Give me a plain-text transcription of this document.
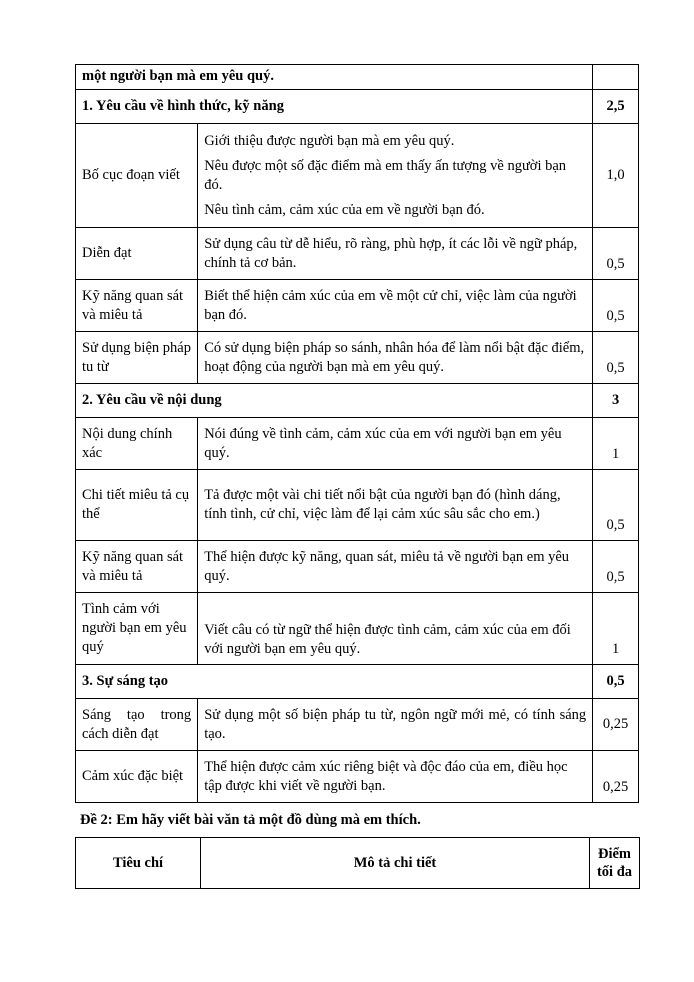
một người bạn mà em yêu quý.		
1. Yêu cầu về hình thức, kỹ năng		2,5
Bố cục đoạn viết	Giới thiệu được người bạn mà em yêu quý.

Nêu được một số đặc điểm mà em thấy ấn tượng về người bạn đó.

Nêu tình cảm, cảm xúc của em về người bạn đó.	1,0
Diễn đạt	Sử dụng câu từ dễ hiểu, rõ ràng, phù hợp, ít các lỗi về ngữ pháp, chính tả cơ bản.	0,5
Kỹ năng quan sát và miêu tả	Biết thể hiện cảm xúc của em về một cử chỉ, việc làm của người bạn đó.	0,5
Sử dụng biện pháp tu từ	Có sử dụng biện pháp so sánh, nhân hóa để làm nổi bật đặc điểm, hoạt động của người bạn mà em yêu quý.	0,5
2. Yêu cầu về nội dung		3
Nội dung chính xác	Nói đúng về tình cảm, cảm xúc của em với người bạn em yêu quý.	1
Chi tiết miêu tả cụ thể	Tả được một vài chi tiết nổi bật của người bạn đó (hình dáng, tính tình, cử chỉ, việc làm để lại cảm xúc sâu sắc cho em.)	0,5
Kỹ năng quan sát và miêu tả	Thể hiện được kỹ năng, quan sát, miêu tả về người bạn em yêu quý.	0,5
Tình cảm với người bạn em yêu quý	Viết câu có từ ngữ thể hiện được tình cảm, cảm xúc của em đối với người bạn em yêu quý.	1
3. Sự sáng tạo		0,5
Sáng tạo trong cách diễn đạt	Sử dụng một số biện pháp tu từ, ngôn ngữ mới mẻ, có tính sáng tạo.	0,25
Cảm xúc đặc biệt	Thể hiện được cảm xúc riêng biệt và độc đáo của em, điều học tập được khi viết về người bạn.	0,25
Đề 2: Em hãy viết bài văn tả một đồ dùng mà em thích.
Tiêu chí	Mô tả chi tiết	Điểm
tối đa
